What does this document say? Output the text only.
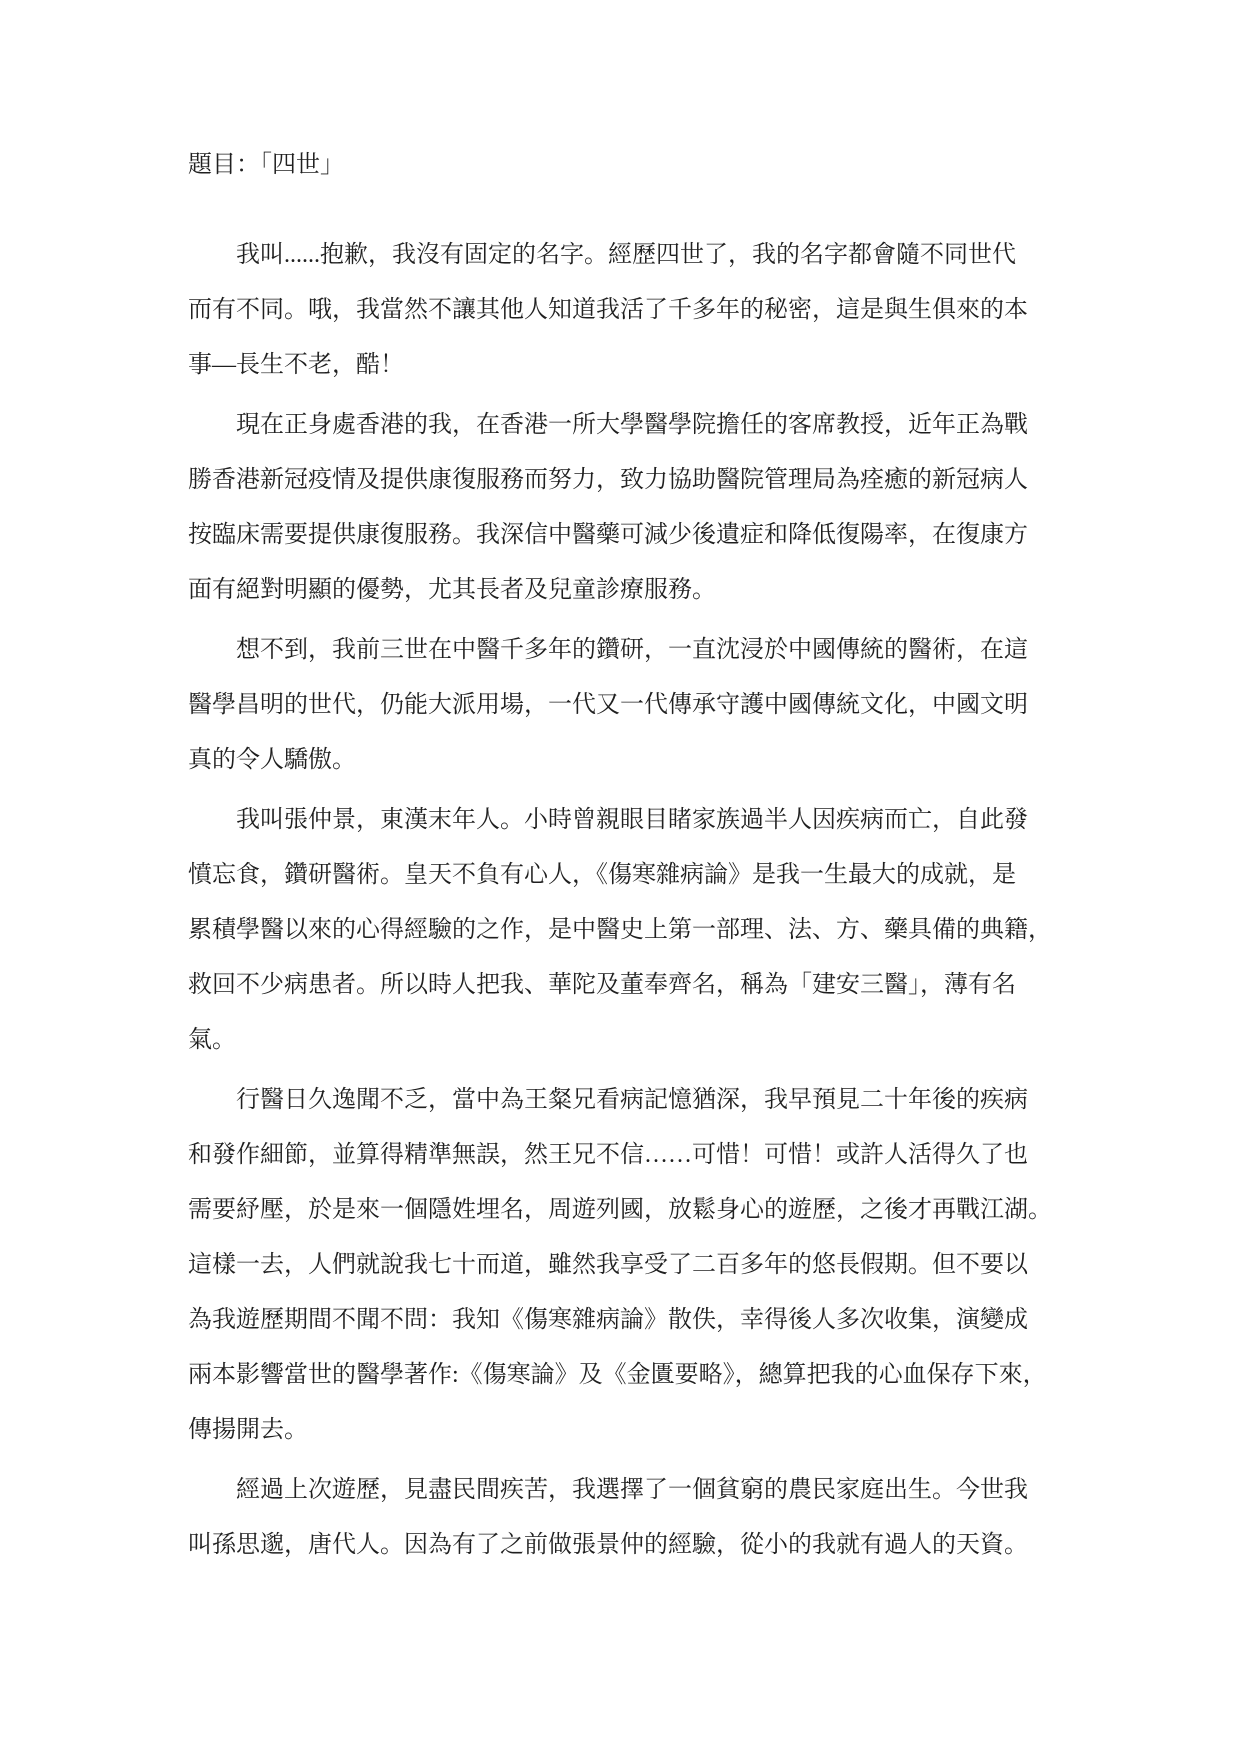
題目：「四世」
我叫......抱歉，我沒有固定的名字。經歷四世了，我的名字都會隨不同世代
而有不同。哦，我當然不讓其他人知道我活了千多年的秘密，這是與生俱來的本
事—長生不老，酷！
現在正身處香港的我，在香港一所大學醫學院擔任的客席教授，近年正為戰
勝香港新冠疫情及提供康復服務而努力，致力協助醫院管理局為痊癒的新冠病人
按臨床需要提供康復服務。我深信中醫藥可減少後遺症和降低復陽率，在復康方
面有絕對明顯的優勢，尤其長者及兒童診療服務。
想不到，我前三世在中醫千多年的鑽研，一直沈浸於中國傳統的醫術，在這
醫學昌明的世代，仍能大派用場，一代又一代傳承守護中國傳統文化，中國文明
真的令人驕傲。
我叫張仲景，東漢末年人。小時曾親眼目睹家族過半人因疾病而亡，自此發
憤忘食，鑽研醫術。皇天不負有心人，《傷寒雜病論》是我一生最大的成就，是
累積學醫以來的心得經驗的之作，是中醫史上第一部理、法、方、藥具備的典籍，
救回不少病患者。所以時人把我、華陀及董奉齊名，稱為「建安三醫」，薄有名
氣。
行醫日久逸聞不乏，當中為王粲兄看病記憶猶深，我早預見二十年後的疾病
和發作細節，並算得精準無誤，然王兄不信……可惜！可惜！或許人活得久了也
需要紓壓，於是來一個隱姓埋名，周遊列國，放鬆身心的遊歷，之後才再戰江湖。
這樣一去，人們就說我七十而道，雖然我享受了二百多年的悠長假期。但不要以
為我遊歷期間不聞不問：我知《傷寒雜病論》散佚，幸得後人多次收集，演變成
兩本影響當世的醫學著作:《傷寒論》及《金匱要略》，總算把我的心血保存下來，
傳揚開去。
經過上次遊歷，見盡民間疾苦，我選擇了一個貧窮的農民家庭出生。今世我
叫孫思邈，唐代人。因為有了之前做張景仲的經驗，從小的我就有過人的天資。
